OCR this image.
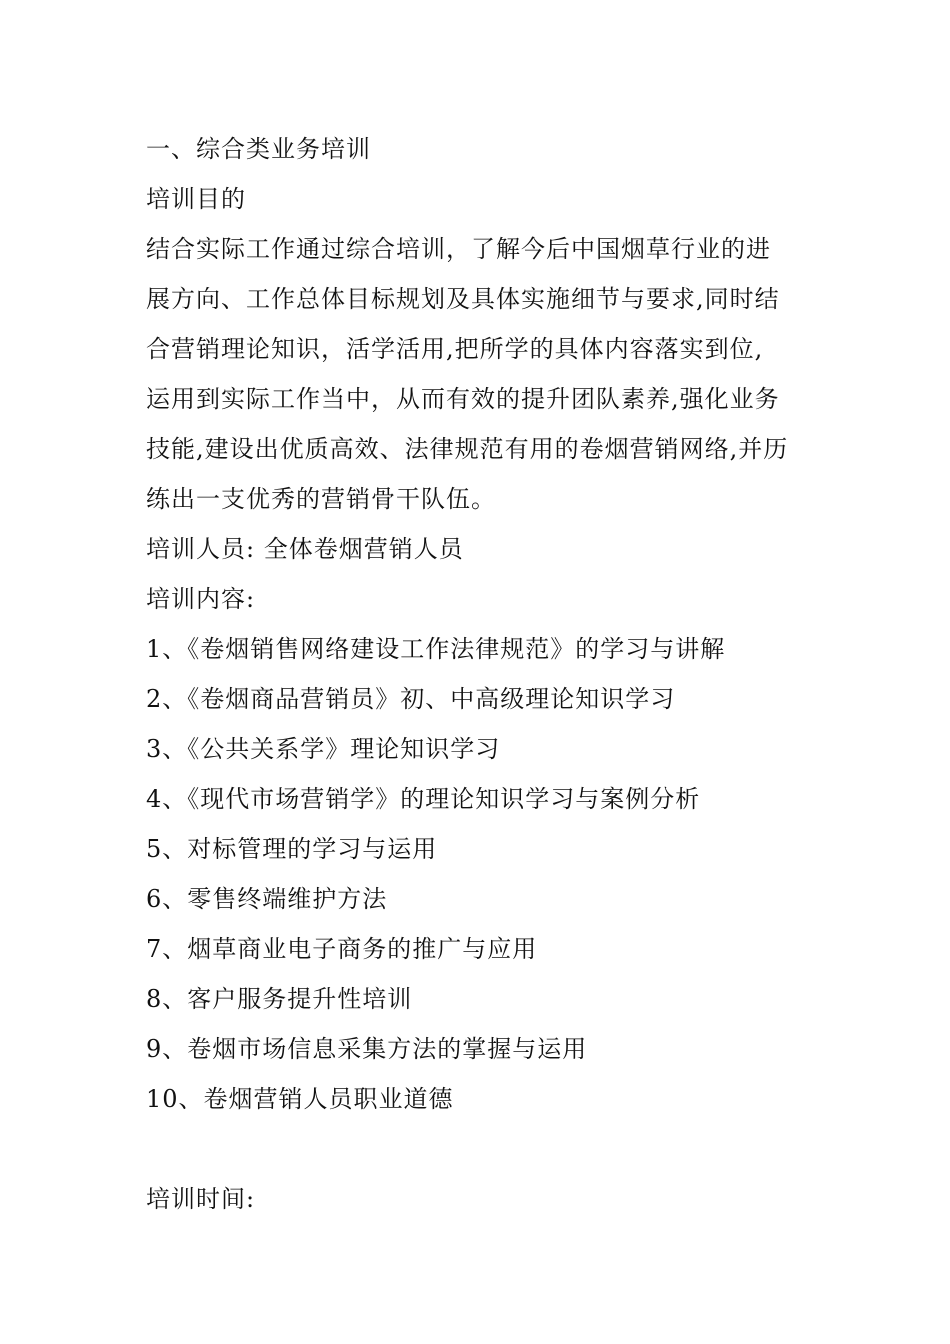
一、综合类业务培训
培训目的
结合实际工作通过综合培训，了解今后中国烟草行业的进
展方向、工作总体目标规划及具体实施细节与要求,同时结
合营销理论知识，活学活用,把所学的具体内容落实到位,
运用到实际工作当中，从而有效的提升团队素养,强化业务
技能,建设出优质高效、法律规范有用的卷烟营销网络,并历
练出一支优秀的营销骨干队伍。
培训人员: 全体卷烟营销人员
培训内容:
1、《卷烟销售网络建设工作法律规范》的学习与讲解
2、《卷烟商品营销员》初、中高级理论知识学习
3、《公共关系学》理论知识学习
4、《现代市场营销学》的理论知识学习与案例分析
5、对标管理的学习与运用
6、零售终端维护方法
7、烟草商业电子商务的推广与应用
8、客户服务提升性培训
9、卷烟市场信息采集方法的掌握与运用
10、卷烟营销人员职业道德
培训时间:
